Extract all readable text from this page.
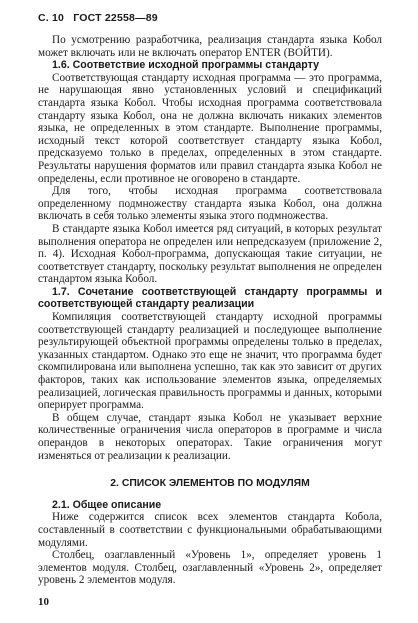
С. 10 ГОСТ 22558—89

По усмотрению разработчика, реализация стандарта языка Кобол может включать или не включать оператор ENTER (ВОЙТИ).

1.6. Соответствие исходной программы стандарту

Соответствующая стандарту исходная программа — это программа, не нарушающая явно установленных условий и спецификаций стандарта языка Кобол. Чтобы исходная программа соответствовала стандарту языка Кобол, она не должна включать никаких элементов языка, не определенных в этом стандарте. Выполнение программы, исходный текст которой соответствует стандарту языка Кобол, предсказуемо только в пределах, определенных в этом стандарте. Результаты нарушения форматов или правил стандарта языка Кобол не определены, если противное не оговорено в стандарте.

Для того, чтобы исходная программа соответствовала определенному подмножеству стандарта языка Кобол, она должна включать в себя только элементы языка этого подмножества.

В стандарте языка Кобол имеется ряд ситуаций, в которых результат выполнения оператора не определен или непредсказуем (приложение 2, п. 4). Исходная Кобол-программа, допускающая такие ситуации, не соответствует стандарту, поскольку результат выполнения не определен стандартом языка Кобол.

1.7. Сочетание соответствующей стандарту программы и соответствующей стандарту реализации

Компиляция соответствующей стандарту исходной программы соответствующей стандарту реализацией и последующее выполнение результирующей объектной программы определены только в пределах, указанных стандартом. Однако это еще не значит, что программа будет скомпилирована или выполнена успешно, так как это зависит от других факторов, таких как использование элементов языка, определяемых реализацией, логическая правильность программы и данных, которыми оперирует программа.

В общем случае, стандарт языка Кобол не указывает верхние количественные ограничения числа операторов в программе и числа операндов в некоторых операторах. Такие ограничения могут изменяться от реализации к реализации.

2. СПИСОК ЭЛЕМЕНТОВ ПО МОДУЛЯМ

2.1. Общее описание

Ниже содержится список всех элементов стандарта Кобола, составленный в соответствии с функциональными обрабатывающими модулями.

Столбец, озаглавленный «Уровень 1», определяет уровень 1 элементов модуля. Столбец, озаглавленный «Уровень 2», определяет уровень 2 элементов модуля.

10
